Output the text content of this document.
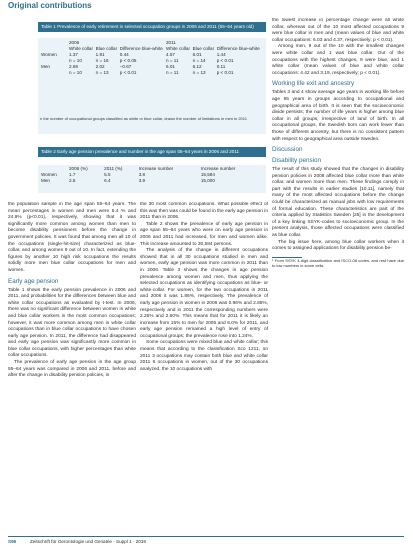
Original contributions
Table 1 Prevalence of early retirement in selected occupation groups in 2006 and 2011 (55–64 years old)
	2006			2011		
	White collar	Blue collar	Difference blue-white	White collar	Blue collar	Difference blue-white
Women	1.37	1.91	0.44	4.57	6.01	1.44
	n = 10	n = 16	p < 0.05	n = 11	n = 14	p < 0.01
Men	2.69	2.02	−0.67	6.01	6.12	0.11
	n = 10	n = 13	p < 0.01	n = 11	n = 13	p < 0.01
n the number of occupational groups classified as white or blue collar, drawn the number of limitations in men in 2011
Table 2 Early age pension prevalence and number in the age span 55–64 years in 2006 and 2011
	2006 (%)	2011 (%)	Increase number	Increase number
Women	1.7	5.5	3.8	15,584
Men	2.5	6.4	3.9	15,000

the lowest increase in percentage change were all white collar, whereas out of the 10 most affected occupations 9 were blue collar in men and (mean values of blue and white collar occupations: 6.03 and 4.37, respectively; p < 0.01).

Among men, 9 out of the 10 with the smallest changes were white collar and 1 was blue collar. Out of the occupations with the highest changes, 9 were blue, and 1 white collar (mean values of blue and white collar occupations: 4.42 and 3.19, respectively; p < 0.01).

Working life exit and ancestry

Tables 3 and 4 show average age years in working life before age 65 years in groups according to occupational and geographical area of birth. It is seen that the socioeconomic divide persists; the number of life years is higher among blue collar in all groups, irrespective of land of birth. In all occupational groups, the Swedish born can work fewer than those of different ancestry, but there is no consistent pattern with respect to geographical area outside Sweden.

Discussion
Disability pension

The result of this study showed that the changes in disability pension policies in 2008 affected blue collar more than white collar, and women more than men. These findings comply in part with the results in earlier studies [10,11], namely that many of the most affected occupations before the change could be characterized as manual jobs with low requirements of formal education. These characteristics are part of the criteria applied by Statistics Sweden [25] in the development of a key linking SSYK-codes to socioeconomic group. In the present analysis, those affected occupations were classified as blue collar.

The big issue here, among blue collar workers when it comes to assigned applications for disability pension be-

¹ From SSYK 4-digit classification and ISCO-08 codes, and rest have due to low numbers in some cells.

the population sample in the age span 55–64 years. The mean percentages in women and men were 5.4 % and 24.9% (p<0.01), respectively, showing that it was significantly more common among women than men to become disability pensioners before the change in government policies. It was found that among men all 10 of the occupations (single-hit-size) characterized as blue-collar, and among women 9 out of 10. In fact, extending the figures by another 10 high risk occupations the results solidly more men blue collar occupations for men and women.

Early age pension

Table 1 shows the early pension prevalence in 2006 and 2011, and probabilities for the differences between blue and white collar occupations as evaluated by t-test. In 2006, there was no significant difference between women in white and blue collar workers in the most common occupations; however, it was more common among men in white collar occupations than in blue collar occupations to have chosen early age pension. In 2011, the difference had disappeared and early age pension was significantly more common in blue collar occupations, with higher percentages than white collar occupations.

The prevalence of early age pension in the age group 55–64 years was compared in 2006 and 2011, before and after the change in disability pension policies, in

the 30 most common occupations. What possible effect of this was then was could be found in the early age pension in 2011 than in 2006.

Table 2 shows the prevalence of early age pension in age span 55–64 years who were on early age pension in 2006 and 2011 had increased, for men and women alike. This increase amounted to 30,584 persons.

The analysis of the change in different occupations showed that in all 30 occupations studied in men and women, early age pension was more common in 2011 than in 2006. Table 3 shows the changes in age pension prevalence among women and men, thus applying the selected occupations as identifying occupations as blue- or white-collar. For women, for the two occupations in 2011 and 2006 it was 1.86%, respectively. The prevalence of early age pension in women in 2006 was 0.96% and 2.85%, respectively and in 2011 the corresponding numbers were 2.25% and 2.60%. This means that for 2011 it is likely an increase from 15% to men for 2006 and 6.0% for 2011, and early age pension remained a high level of entry of occupational groups; the prevalence rose into 1.24%.

Some occupations were mixed blue and white collar; this means that according to the classification Sco 1211, on 2011 3 occupations may contain both blue and white collar 2011 6 occupations in women, out of the 30 occupations analyzed, the 10 occupations with

S96	Zeitschrift für Gerontologie und Geriatrie · Suppl 1 · 2019
